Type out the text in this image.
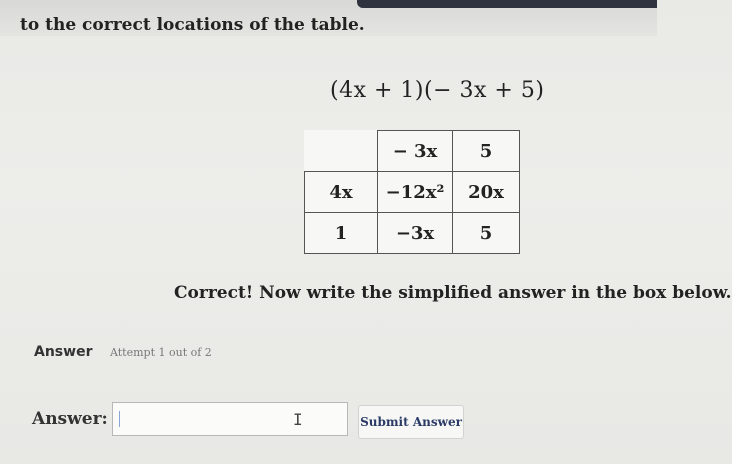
to the correct locations of the table.
(4x + 1)(− 3x + 5)
	− 3x	5
4x	−12x²	20x
1	−3x	5
Correct! Now write the simplified answer in the box below.
Answer Attempt 1 out of 2
Answer:	I	Submit Answer
